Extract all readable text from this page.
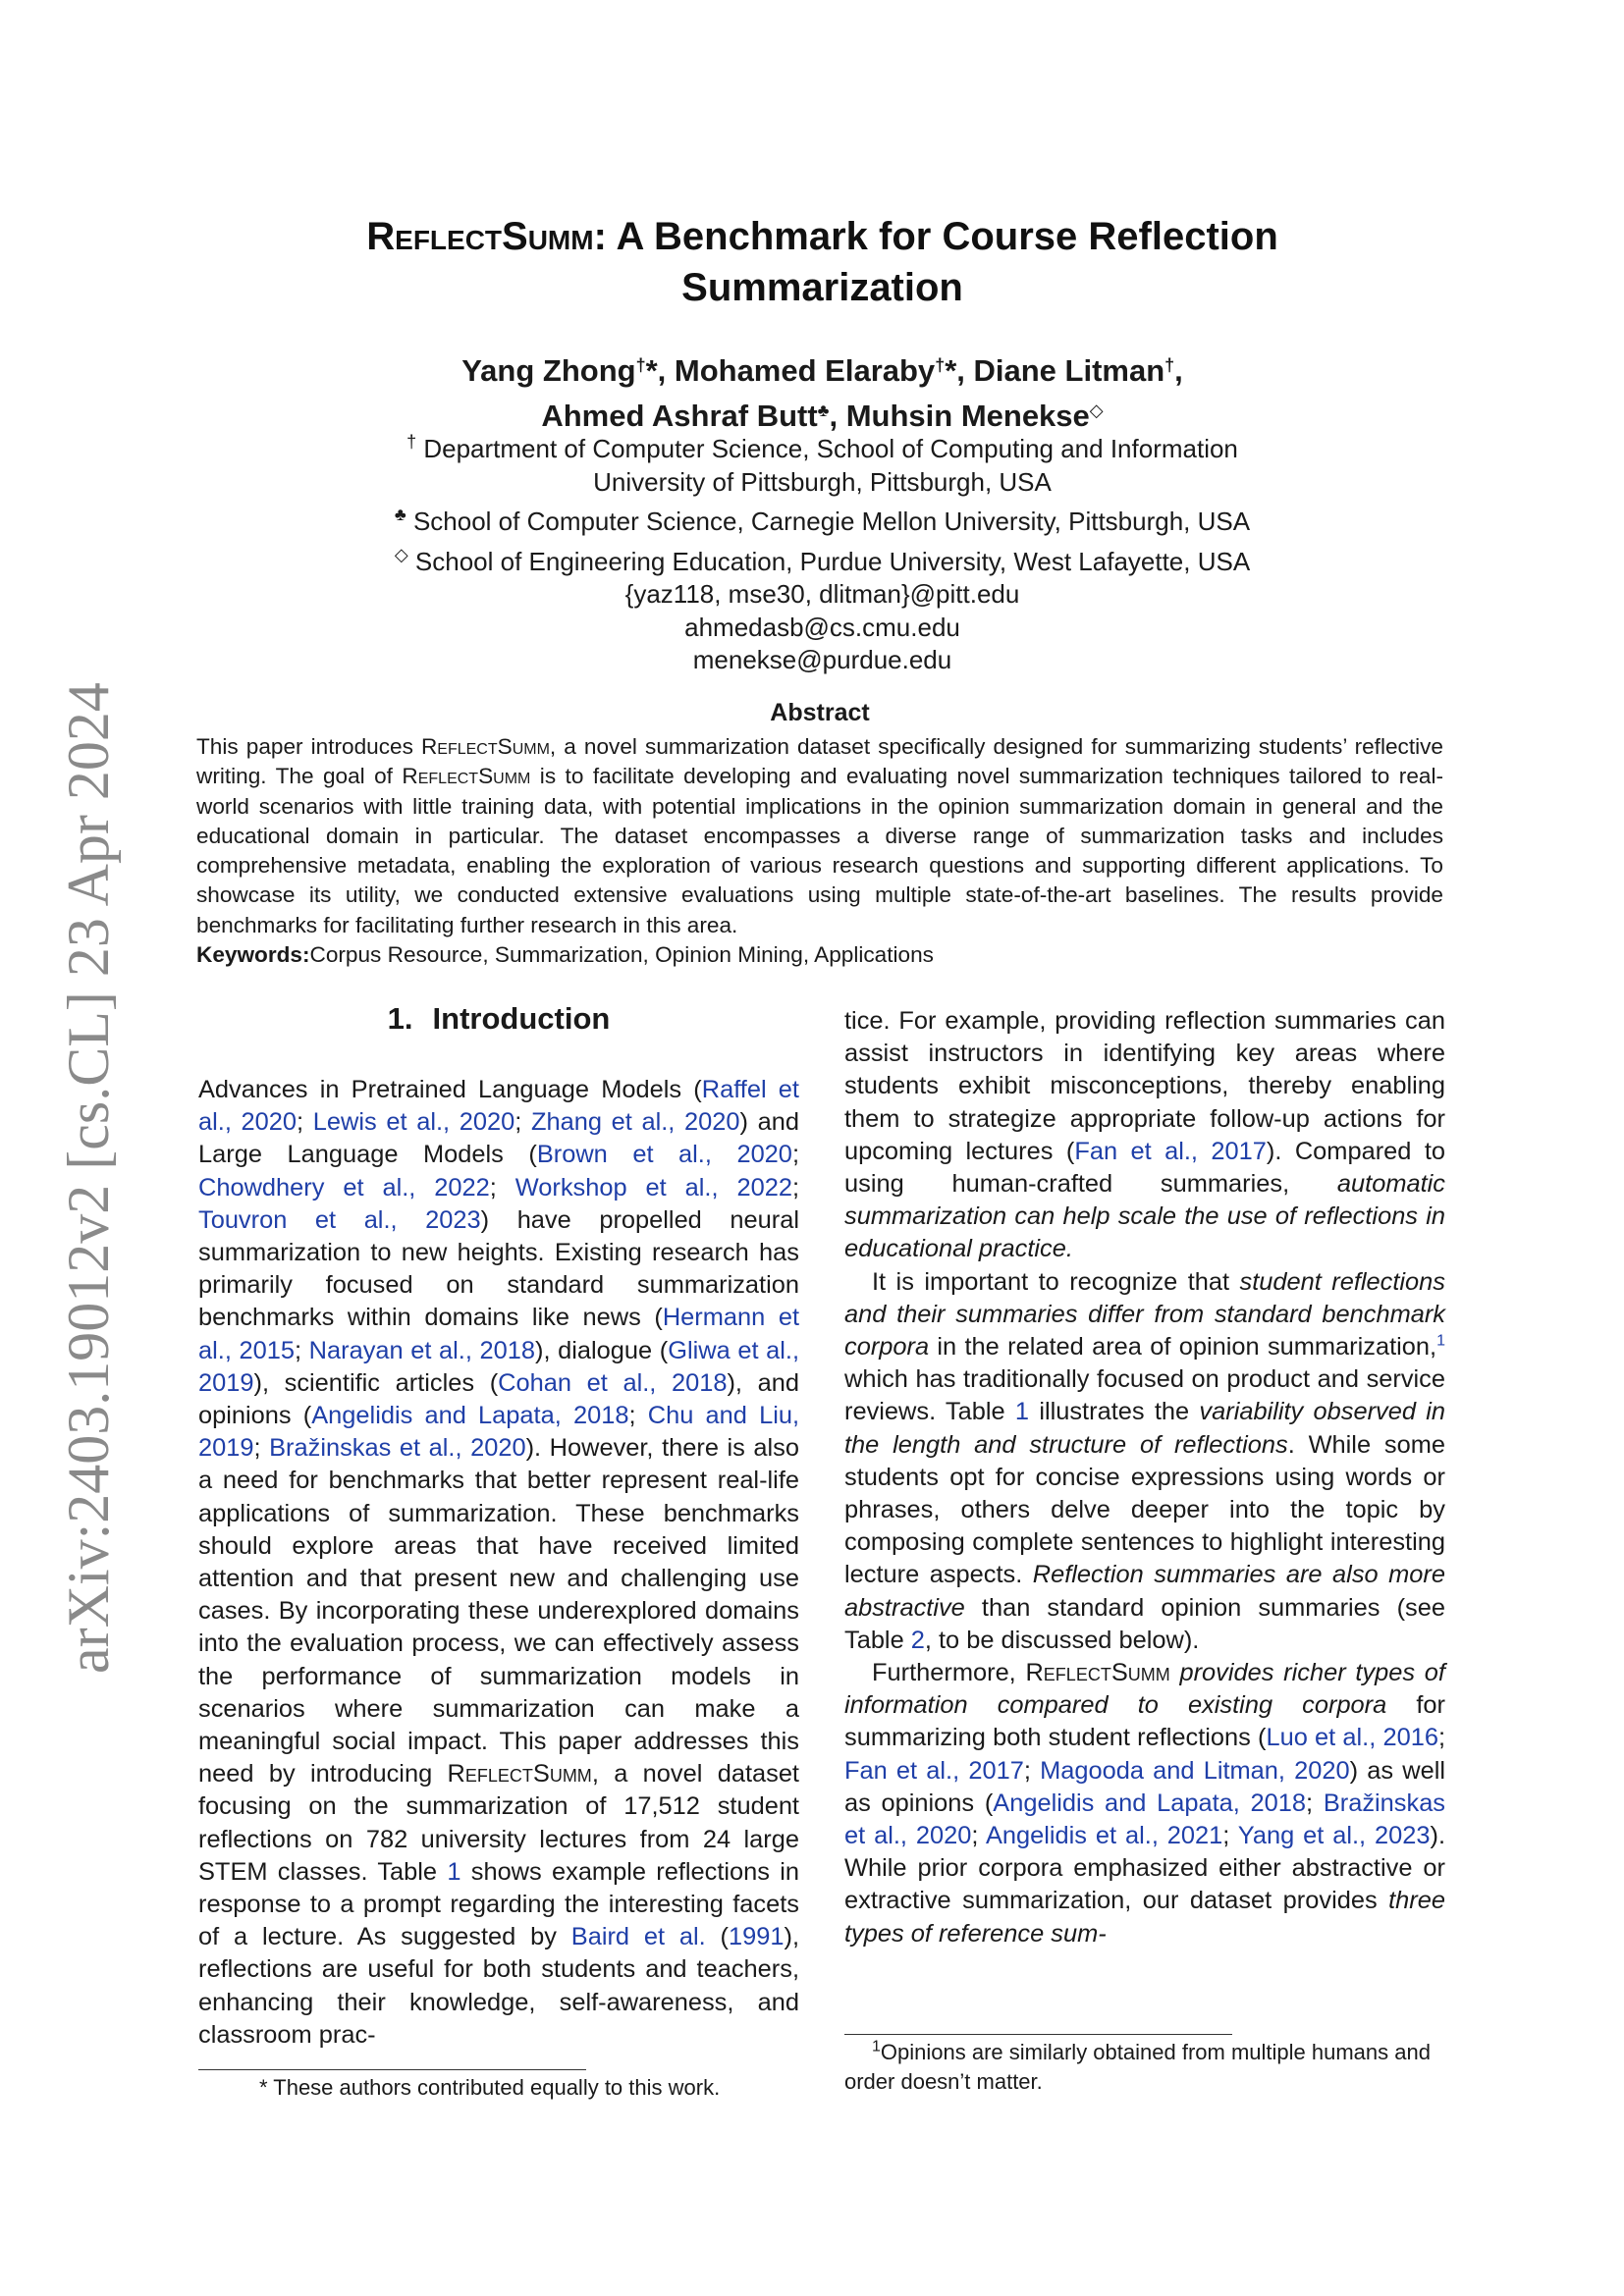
arXiv:2403.19012v2 [cs.CL] 23 Apr 2024
ReflectSumm: A Benchmark for Course Reflection
Summarization
Yang Zhong†*, Mohamed Elaraby†*, Diane Litman†,
Ahmed Ashraf Butt♣, Muhsin Menekse◇
† Department of Computer Science, School of Computing and Information
University of Pittsburgh, Pittsburgh, USA
♣ School of Computer Science, Carnegie Mellon University, Pittsburgh, USA
◇ School of Engineering Education, Purdue University, West Lafayette, USA
{yaz118, mse30, dlitman}@pitt.edu
ahmedasb@cs.cmu.edu
menekse@purdue.edu
Abstract
This paper introduces ReflectSumm, a novel summarization dataset specifically designed for summarizing students’ reflective writing. The goal of ReflectSumm is to facilitate developing and evaluating novel summarization techniques tailored to real-world scenarios with little training data, with potential implications in the opinion summarization domain in general and the educational domain in particular. The dataset encompasses a diverse range of summarization tasks and includes comprehensive metadata, enabling the exploration of various research questions and supporting different applications. To showcase its utility, we conducted extensive evaluations using multiple state-of-the-art baselines. The results provide benchmarks for facilitating further research in this area.
Keywords:Corpus Resource, Summarization, Opinion Mining, Applications
1. Introduction

Advances in Pretrained Language Models (Raffel et al., 2020; Lewis et al., 2020; Zhang et al., 2020) and Large Language Models (Brown et al., 2020; Chowdhery et al., 2022; Workshop et al., 2022; Touvron et al., 2023) have propelled neural summarization to new heights. Existing research has primarily focused on standard summarization benchmarks within domains like news (Hermann et al., 2015; Narayan et al., 2018), dialogue (Gliwa et al., 2019), scientific articles (Cohan et al., 2018), and opinions (Angelidis and Lapata, 2018; Chu and Liu, 2019; Bražinskas et al., 2020). However, there is also a need for benchmarks that better represent real-life applications of summarization. These benchmarks should explore areas that have received limited attention and that present new and challenging use cases. By incorporating these underexplored domains into the evaluation process, we can effectively assess the performance of summarization models in scenarios where summarization can make a meaningful social impact. This paper addresses this need by introducing ReflectSumm, a novel dataset focusing on the summarization of 17,512 student reflections on 782 university lectures from 24 large STEM classes. Table 1 shows example reflections in response to a prompt regarding the interesting facets of a lecture. As suggested by Baird et al. (1991), reflections are useful for both students and teachers, enhancing their knowledge, self-awareness, and classroom prac-

tice. For example, providing reflection summaries can assist instructors in identifying key areas where students exhibit misconceptions, thereby enabling them to strategize appropriate follow-up actions for upcoming lectures (Fan et al., 2017). Compared to using human-crafted summaries, automatic summarization can help scale the use of reflections in educational practice.

It is important to recognize that student reflections and their summaries differ from standard benchmark corpora in the related area of opinion summarization,$^1$ which has traditionally focused on product and service reviews. Table 1 illustrates the variability observed in the length and structure of reflections. While some students opt for concise expressions using words or phrases, others delve deeper into the topic by composing complete sentences to highlight interesting lecture aspects. Reflection summaries are also more abstractive than standard opinion summaries (see Table 2, to be discussed below).

Furthermore, ReflectSumm provides richer types of information compared to existing corpora for summarizing both student reflections (Luo et al., 2016; Fan et al., 2017; Magooda and Litman, 2020) as well as opinions (Angelidis and Lapata, 2018; Bražinskas et al., 2020; Angelidis et al., 2021; Yang et al., 2023). While prior corpora emphasized either abstractive or extractive summarization, our dataset provides three types of reference sum-

* These authors contributed equally to this work.
$^1$Opinions are similarly obtained from multiple humans and order doesn’t matter.
